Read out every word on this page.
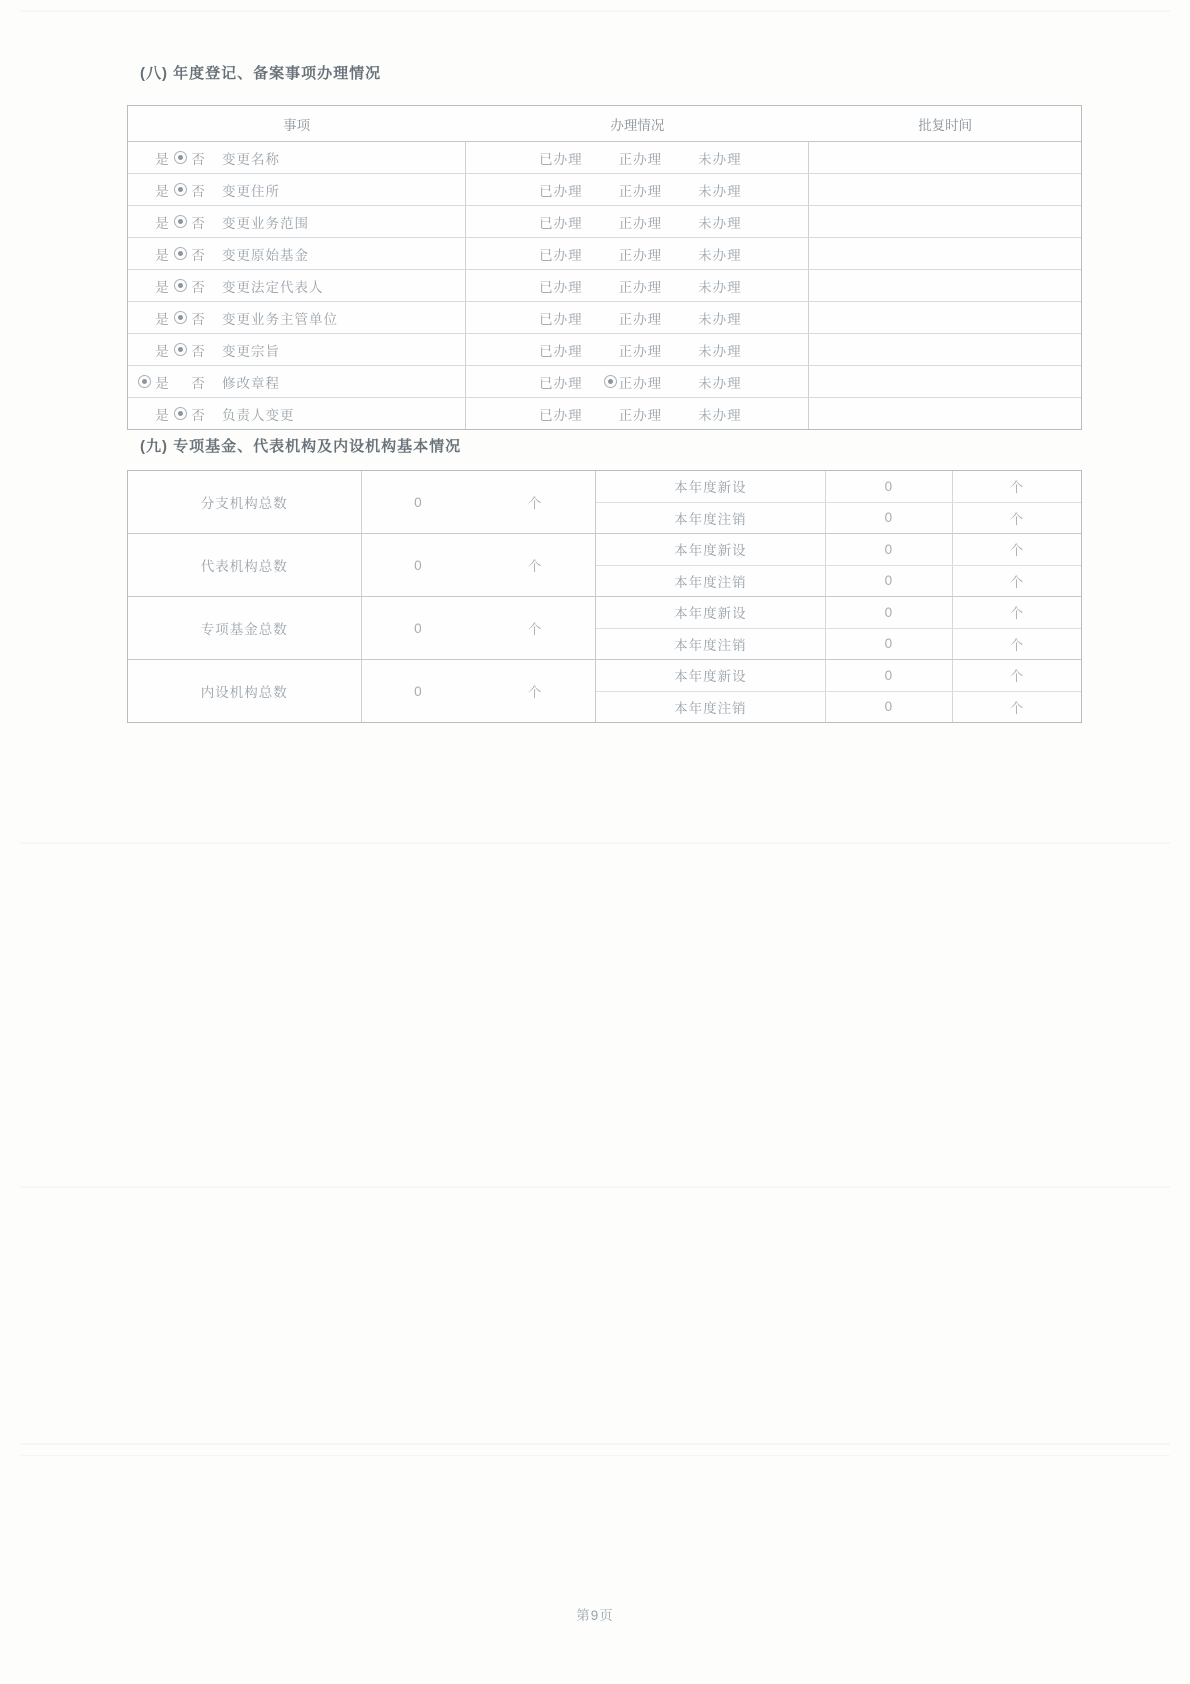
(八) 年度登记、备案事项办理情况
事项	办理情况	批复时间
是 否 变更名称	已办理	正办理	未办理
是 否 变更住所	已办理	正办理	未办理
是 否 变更业务范围	已办理	正办理	未办理
是 否 变更原始基金	已办理	正办理	未办理
是 否 变更法定代表人	已办理	正办理	未办理
是 否 变更业务主管单位	已办理	正办理	未办理
是 否 变更宗旨	已办理	正办理	未办理
是 否 修改章程	已办理	正办理	未办理
是 否 负责人变更	已办理	正办理	未办理
(九) 专项基金、代表机构及内设机构基本情况
分支机构总数	0	个
本年度新设	0	个
本年度注销	0	个
代表机构总数	0	个
本年度新设	0	个
本年度注销	0	个
专项基金总数	0	个
本年度新设	0	个
本年度注销	0	个
内设机构总数	0	个
本年度新设	0	个
本年度注销	0	个
第9页
